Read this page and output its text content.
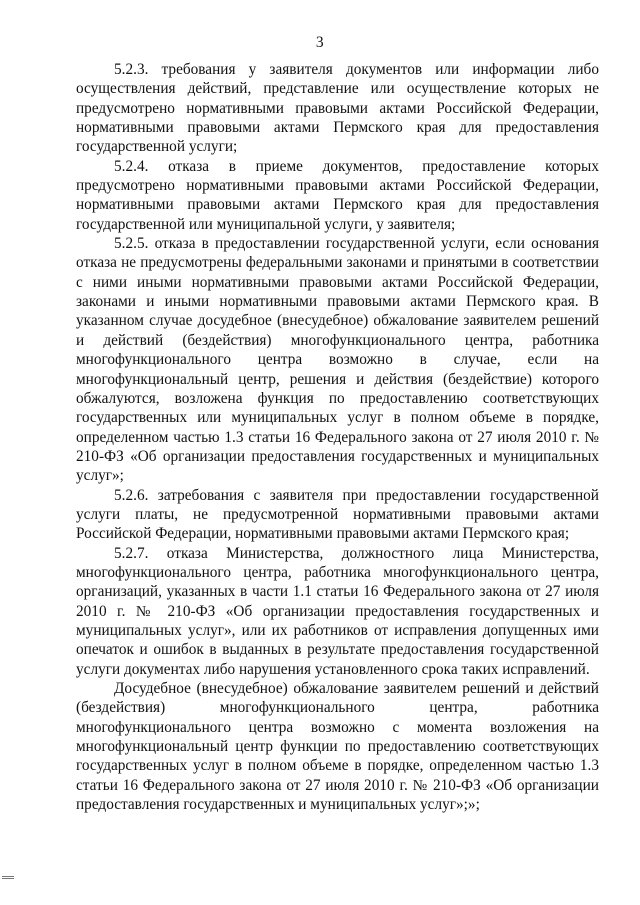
3

5.2.3. требования у заявителя документов или информации либо осуществления действий, представление или осуществление которых не предусмотрено нормативными правовыми актами Российской Федерации, нормативными правовыми актами Пермского края для предоставления государственной услуги;

5.2.4. отказа в приеме документов, предоставление которых предусмотрено нормативными правовыми актами Российской Федерации, нормативными правовыми актами Пермского края для предоставления государственной или муниципальной услуги, у заявителя;

5.2.5. отказа в предоставлении государственной услуги, если основания отказа не предусмотрены федеральными законами и принятыми в соответствии с ними иными нормативными правовыми актами Российской Федерации, законами и иными нормативными правовыми актами Пермского края. В указанном случае досудебное (внесудебное) обжалование заявителем решений и действий (бездействия) многофункционального центра, работника многофункционального центра возможно в случае, если на многофункциональный центр, решения и действия (бездействие) которого обжалуются, возложена функция по предоставлению соответствующих государственных или муниципальных услуг в полном объеме в порядке, определенном частью 1.3 статьи 16 Федерального закона от 27 июля 2010 г. № 210-ФЗ «Об организации предоставления государственных и муниципальных услуг»;

5.2.6. затребования с заявителя при предоставлении государственной услуги платы, не предусмотренной нормативными правовыми актами Российской Федерации, нормативными правовыми актами Пермского края;

5.2.7. отказа Министерства, должностного лица Министерства, многофункционального центра, работника многофункционального центра, организаций, указанных в части 1.1 статьи 16 Федерального закона от 27 июля 2010 г. № 210-ФЗ «Об организации предоставления государственных и муниципальных услуг», или их работников от исправления допущенных ими опечаток и ошибок в выданных в результате предоставления государственной услуги документах либо нарушения установленного срока таких исправлений.

Досудебное (внесудебное) обжалование заявителем решений и действий (бездействия) многофункционального центра, работника многофункционального центра возможно с момента возложения на многофункциональный центр функции по предоставлению соответствующих государственных услуг в полном объеме в порядке, определенном частью 1.3 статьи 16 Федерального закона от 27 июля 2010 г. № 210-ФЗ «Об организации предоставления государственных и муниципальных услуг»;»;
